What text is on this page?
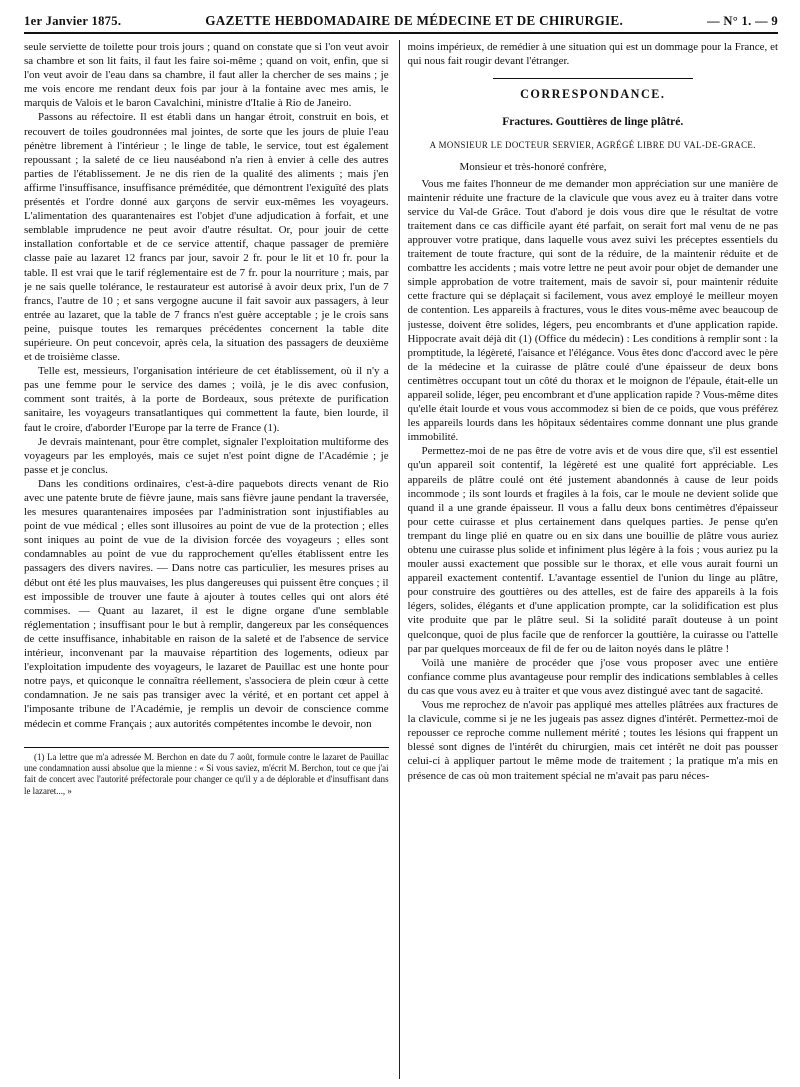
1er Janvier 1875.	GAZETTE HEBDOMADAIRE DE MÉDECINE ET DE CHIRURGIE.	— N° 1. — 9

seule serviette de toilette pour trois jours ; quand on constate que si l'on veut avoir sa chambre et son lit faits, il faut les faire soi-même ; quand on voit, enfin, que si l'on veut avoir de l'eau dans sa chambre, il faut aller la chercher de ses mains ; je me vois encore me rendant deux fois par jour à la fontaine avec mes amis, le marquis de Valois et le baron Cavalchini, ministre d'Italie à Rio de Janeiro.

Passons au réfectoire. Il est établi dans un hangar étroit, construit en bois, et recouvert de toiles goudronnées mal jointes, de sorte que les jours de pluie l'eau pénètre librement à l'intérieur ; le linge de table, le service, tout est également repoussant ; la saleté de ce lieu nauséabond n'a rien à envier à celle des autres parties de l'établissement. Je ne dis rien de la qualité des aliments ; mais j'en affirme l'insuffisance, insuffisance préméditée, que démontrent l'exiguïté des plats présentés et l'ordre donné aux garçons de servir eux-mêmes les voyageurs. L'alimentation des quarantenaires est l'objet d'une adjudication à forfait, et une semblable imprudence ne peut avoir d'autre résultat. Or, pour jouir de cette installation confortable et de ce service attentif, chaque passager de première classe paie au lazaret 12 francs par jour, savoir 2 fr. pour le lit et 10 fr. pour la table. Il est vrai que le tarif réglementaire est de 7 fr. pour la nourriture ; mais, par je ne sais quelle tolérance, le restaurateur est autorisé à avoir deux prix, l'un de 7 francs, l'autre de 10 ; et sans vergogne aucune il fait savoir aux passagers, à leur entrée au lazaret, que la table de 7 francs n'est guère acceptable ; je le crois sans peine, puisque toutes les remarques précédentes concernent la table dite supérieure. On peut concevoir, après cela, la situation des passagers de deuxième et de troisième classe.

Telle est, messieurs, l'organisation intérieure de cet établissement, où il n'y a pas une femme pour le service des dames ; voilà, je le dis avec confusion, comment sont traités, à la porte de Bordeaux, sous prétexte de purification sanitaire, les voyageurs transatlantiques qui commettent la faute, bien lourde, il faut le croire, d'aborder l'Europe par la terre de France (1).

Je devrais maintenant, pour être complet, signaler l'exploitation multiforme des voyageurs par les employés, mais ce sujet n'est point digne de l'Académie ; je passe et je conclus.

Dans les conditions ordinaires, c'est-à-dire paquebots directs venant de Rio avec une patente brute de fièvre jaune, mais sans fièvre jaune pendant la traversée, les mesures quarantenaires imposées par l'administration sont injustifiables au point de vue médical ; elles sont illusoires au point de vue de la protection ; elles sont iniques au point de vue de la division forcée des voyageurs ; elles sont condamnables au point de vue du rapprochement qu'elles établissent entre les passagers des divers navires. — Dans notre cas particulier, les mesures prises au début ont été les plus mauvaises, les plus dangereuses qui puissent être conçues ; il est impossible de trouver une faute à ajouter à toutes celles qui ont alors été commises. — Quant au lazaret, il est le digne organe d'une semblable réglementation ; insuffisant pour le but à remplir, dangereux par les conséquences de cette insuffisance, inhabitable en raison de la saleté et de l'absence de service intérieur, inconvenant par la mauvaise répartition des logements, odieux par l'exploitation impudente des voyageurs, le lazaret de Pauillac est une honte pour notre pays, et quiconque le connaîtra réellement, s'associera de plein cœur à cette condamnation. Je ne sais pas transiger avec la vérité, et en portant cet appel à l'imposante tribune de l'Académie, je remplis un devoir de conscience comme médecin et comme Français ; aux autorités compétentes incombe le devoir, non

(1) La lettre que m'a adressée M. Berchon en date du 7 août, formule contre le lazaret de Pauillac une condamnation aussi absolue que la mienne : « Si vous saviez, m'écrit M. Berchon, tout ce que j'ai fait de concert avec l'autorité préfectorale pour changer ce qu'il y a de déplorable et d'insuffisant dans le lazaret..., »

moins impérieux, de remédier à une situation qui est un dommage pour la France, et qui nous fait rougir devant l'étranger.

CORRESPONDANCE.
Fractures. Gouttières de linge plâtré.
A MONSIEUR LE DOCTEUR SERVIER, AGRÉGÉ LIBRE DU VAL-DE-GRACE.

Monsieur et très-honoré confrère,

Vous me faites l'honneur de me demander mon appréciation sur une manière de maintenir réduite une fracture de la clavicule que vous avez eu à traiter dans votre service du Val-de Grâce. Tout d'abord je dois vous dire que le résultat de votre traitement dans ce cas difficile ayant été parfait, on serait fort mal venu de ne pas approuver votre pratique, dans laquelle vous avez suivi les préceptes essentiels du traitement de toute fracture, qui sont de la réduire, de la maintenir réduite et de combattre les accidents ; mais votre lettre ne peut avoir pour objet de demander une simple approbation de votre traitement, mais de savoir si, pour maintenir réduite cette fracture qui se déplaçait si facilement, vous avez employé le meilleur moyen de contention. Les appareils à fractures, vous le dites vous-même avec beaucoup de justesse, doivent être solides, légers, peu encombrants et d'une application rapide. Hippocrate avait déjà dit (1) (Office du médecin) : Les conditions à remplir sont : la promptitude, la légèreté, l'aisance et l'élégance. Vous êtes donc d'accord avec le père de la médecine et la cuirasse de plâtre coulé d'une épaisseur de deux bons centimètres occupant tout un côté du thorax et le moignon de l'épaule, était-elle un appareil solide, léger, peu encombrant et d'une application rapide ? Vous-même dites qu'elle était lourde et vous vous accommodez si bien de ce poids, que vous préférez les appareils lourds dans les hôpitaux sédentaires comme donnant une plus grande immobilité.

Permettez-moi de ne pas être de votre avis et de vous dire que, s'il est essentiel qu'un appareil soit contentif, la légèreté est une qualité fort appréciable. Les appareils de plâtre coulé ont été justement abandonnés à cause de leur poids incommode ; ils sont lourds et fragiles à la fois, car le moule ne devient solide que quand il a une grande épaisseur. Il vous a fallu deux bons centimètres d'épaisseur pour cette cuirasse et plus certainement dans quelques parties. Je pense qu'en trempant du linge plié en quatre ou en six dans une bouillie de plâtre vous auriez obtenu une cuirasse plus solide et infiniment plus légère à la fois ; vous auriez pu la mouler aussi exactement que possible sur le thorax, et elle vous aurait fourni un appareil exactement contentif. L'avantage essentiel de l'union du linge au plâtre, pour construire des gouttières ou des attelles, est de faire des appareils à la fois légers, solides, élégants et d'une application prompte, car la solidification est plus vite produite que par le plâtre seul. Si la solidité paraît douteuse à un point quelconque, quoi de plus facile que de renforcer la gouttière, la cuirasse ou l'attelle par par quelques morceaux de fil de fer ou de laiton noyés dans le plâtre !

Voilà une manière de procéder que j'ose vous proposer avec une entière confiance comme plus avantageuse pour remplir des indications semblables à celles du cas que vous avez eu à traiter et que vous avez distingué avec tant de sagacité.

Vous me reprochez de n'avoir pas appliqué mes attelles plâtrées aux fractures de la clavicule, comme si je ne les jugeais pas assez dignes d'intérêt. Permettez-moi de repousser ce reproche comme nullement mérité ; toutes les lésions qui frappent un blessé sont dignes de l'intérêt du chirurgien, mais cet intérêt ne doit pas pousser celui-ci à appliquer partout le même mode de traitement ; la pratique m'a mis en présence de cas où mon traitement spécial ne m'avait pas paru néces-
